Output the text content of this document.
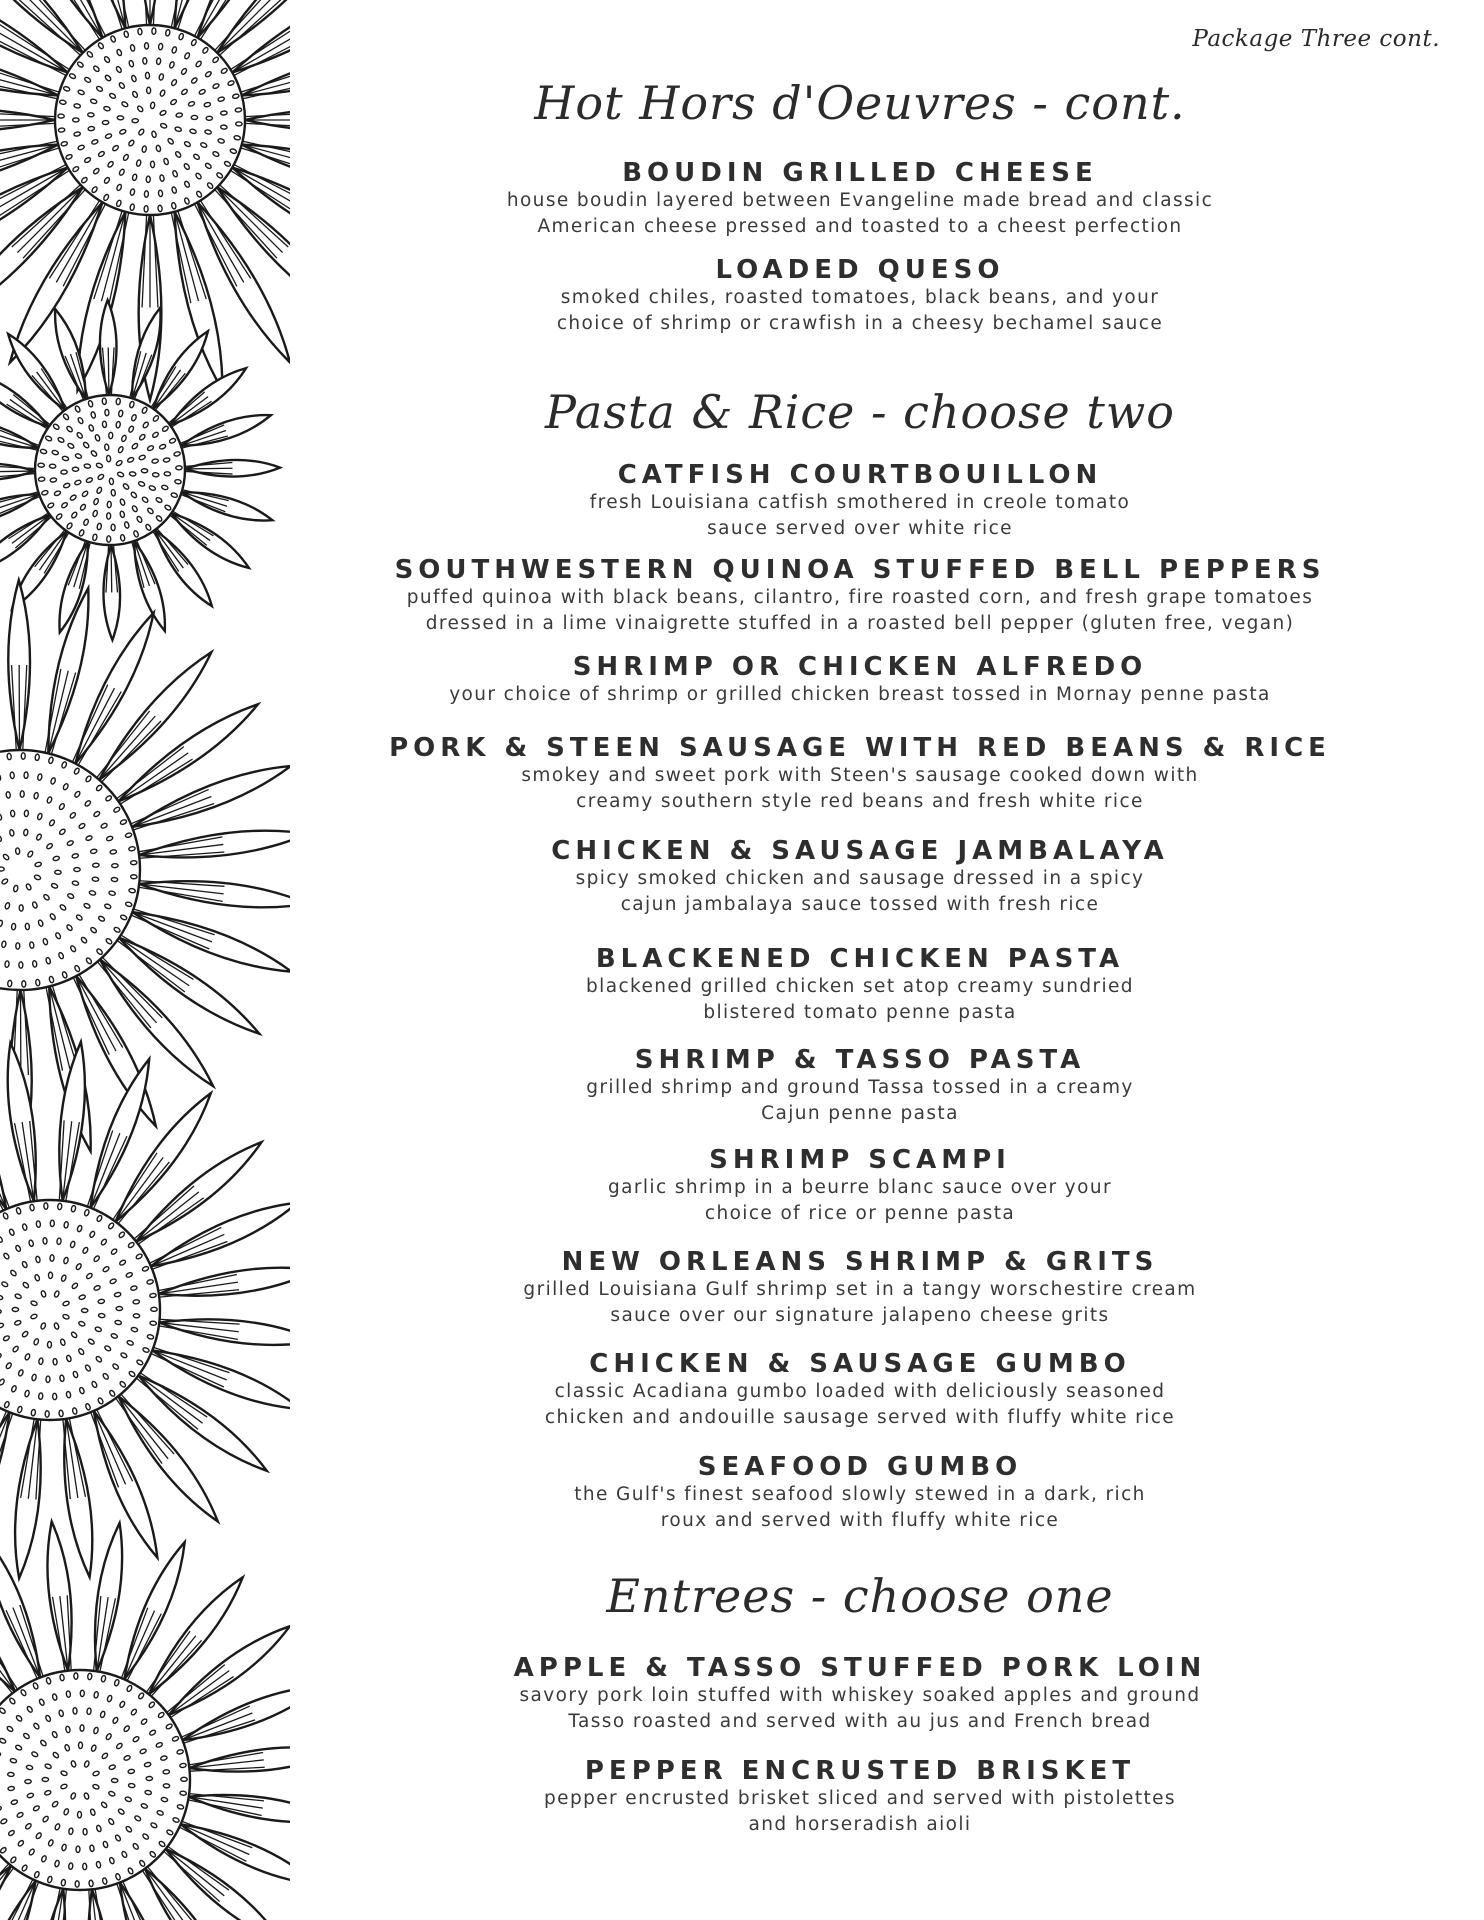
Package Three cont.
Hot Hors d'Oeuvres - cont.
BOUDIN GRILLED CHEESE
house boudin layered between Evangeline made bread and classic
American cheese pressed and toasted to a cheest perfection
LOADED QUESO
smoked chiles, roasted tomatoes, black beans, and your
choice of shrimp or crawfish in a cheesy bechamel sauce
Pasta & Rice - choose two
CATFISH COURTBOUILLON
fresh Louisiana catfish smothered in creole tomato
sauce served over white rice
SOUTHWESTERN QUINOA STUFFED BELL PEPPERS
puffed quinoa with black beans, cilantro, fire roasted corn, and fresh grape tomatoes
dressed in a lime vinaigrette stuffed in a roasted bell pepper (gluten free, vegan)
SHRIMP OR CHICKEN ALFREDO
your choice of shrimp or grilled chicken breast tossed in Mornay penne pasta
PORK & STEEN SAUSAGE WITH RED BEANS & RICE
smokey and sweet pork with Steen's sausage cooked down with
creamy southern style red beans and fresh white rice
CHICKEN & SAUSAGE JAMBALAYA
spicy smoked chicken and sausage dressed in a spicy
cajun jambalaya sauce tossed with fresh rice
BLACKENED CHICKEN PASTA
blackened grilled chicken set atop creamy sundried
blistered tomato penne pasta
SHRIMP & TASSO PASTA
grilled shrimp and ground Tassa tossed in a creamy
Cajun penne pasta
SHRIMP SCAMPI
garlic shrimp in a beurre blanc sauce over your
choice of rice or penne pasta
NEW ORLEANS SHRIMP & GRITS
grilled Louisiana Gulf shrimp set in a tangy worschestire cream
sauce over our signature jalapeno cheese grits
CHICKEN & SAUSAGE GUMBO
classic Acadiana gumbo loaded with deliciously seasoned
chicken and andouille sausage served with fluffy white rice
SEAFOOD GUMBO
the Gulf's finest seafood slowly stewed in a dark, rich
roux and served with fluffy white rice
Entrees - choose one
APPLE & TASSO STUFFED PORK LOIN
savory pork loin stuffed with whiskey soaked apples and ground
Tasso roasted and served with au jus and French bread
PEPPER ENCRUSTED BRISKET
pepper encrusted brisket sliced and served with pistolettes
and horseradish aioli
